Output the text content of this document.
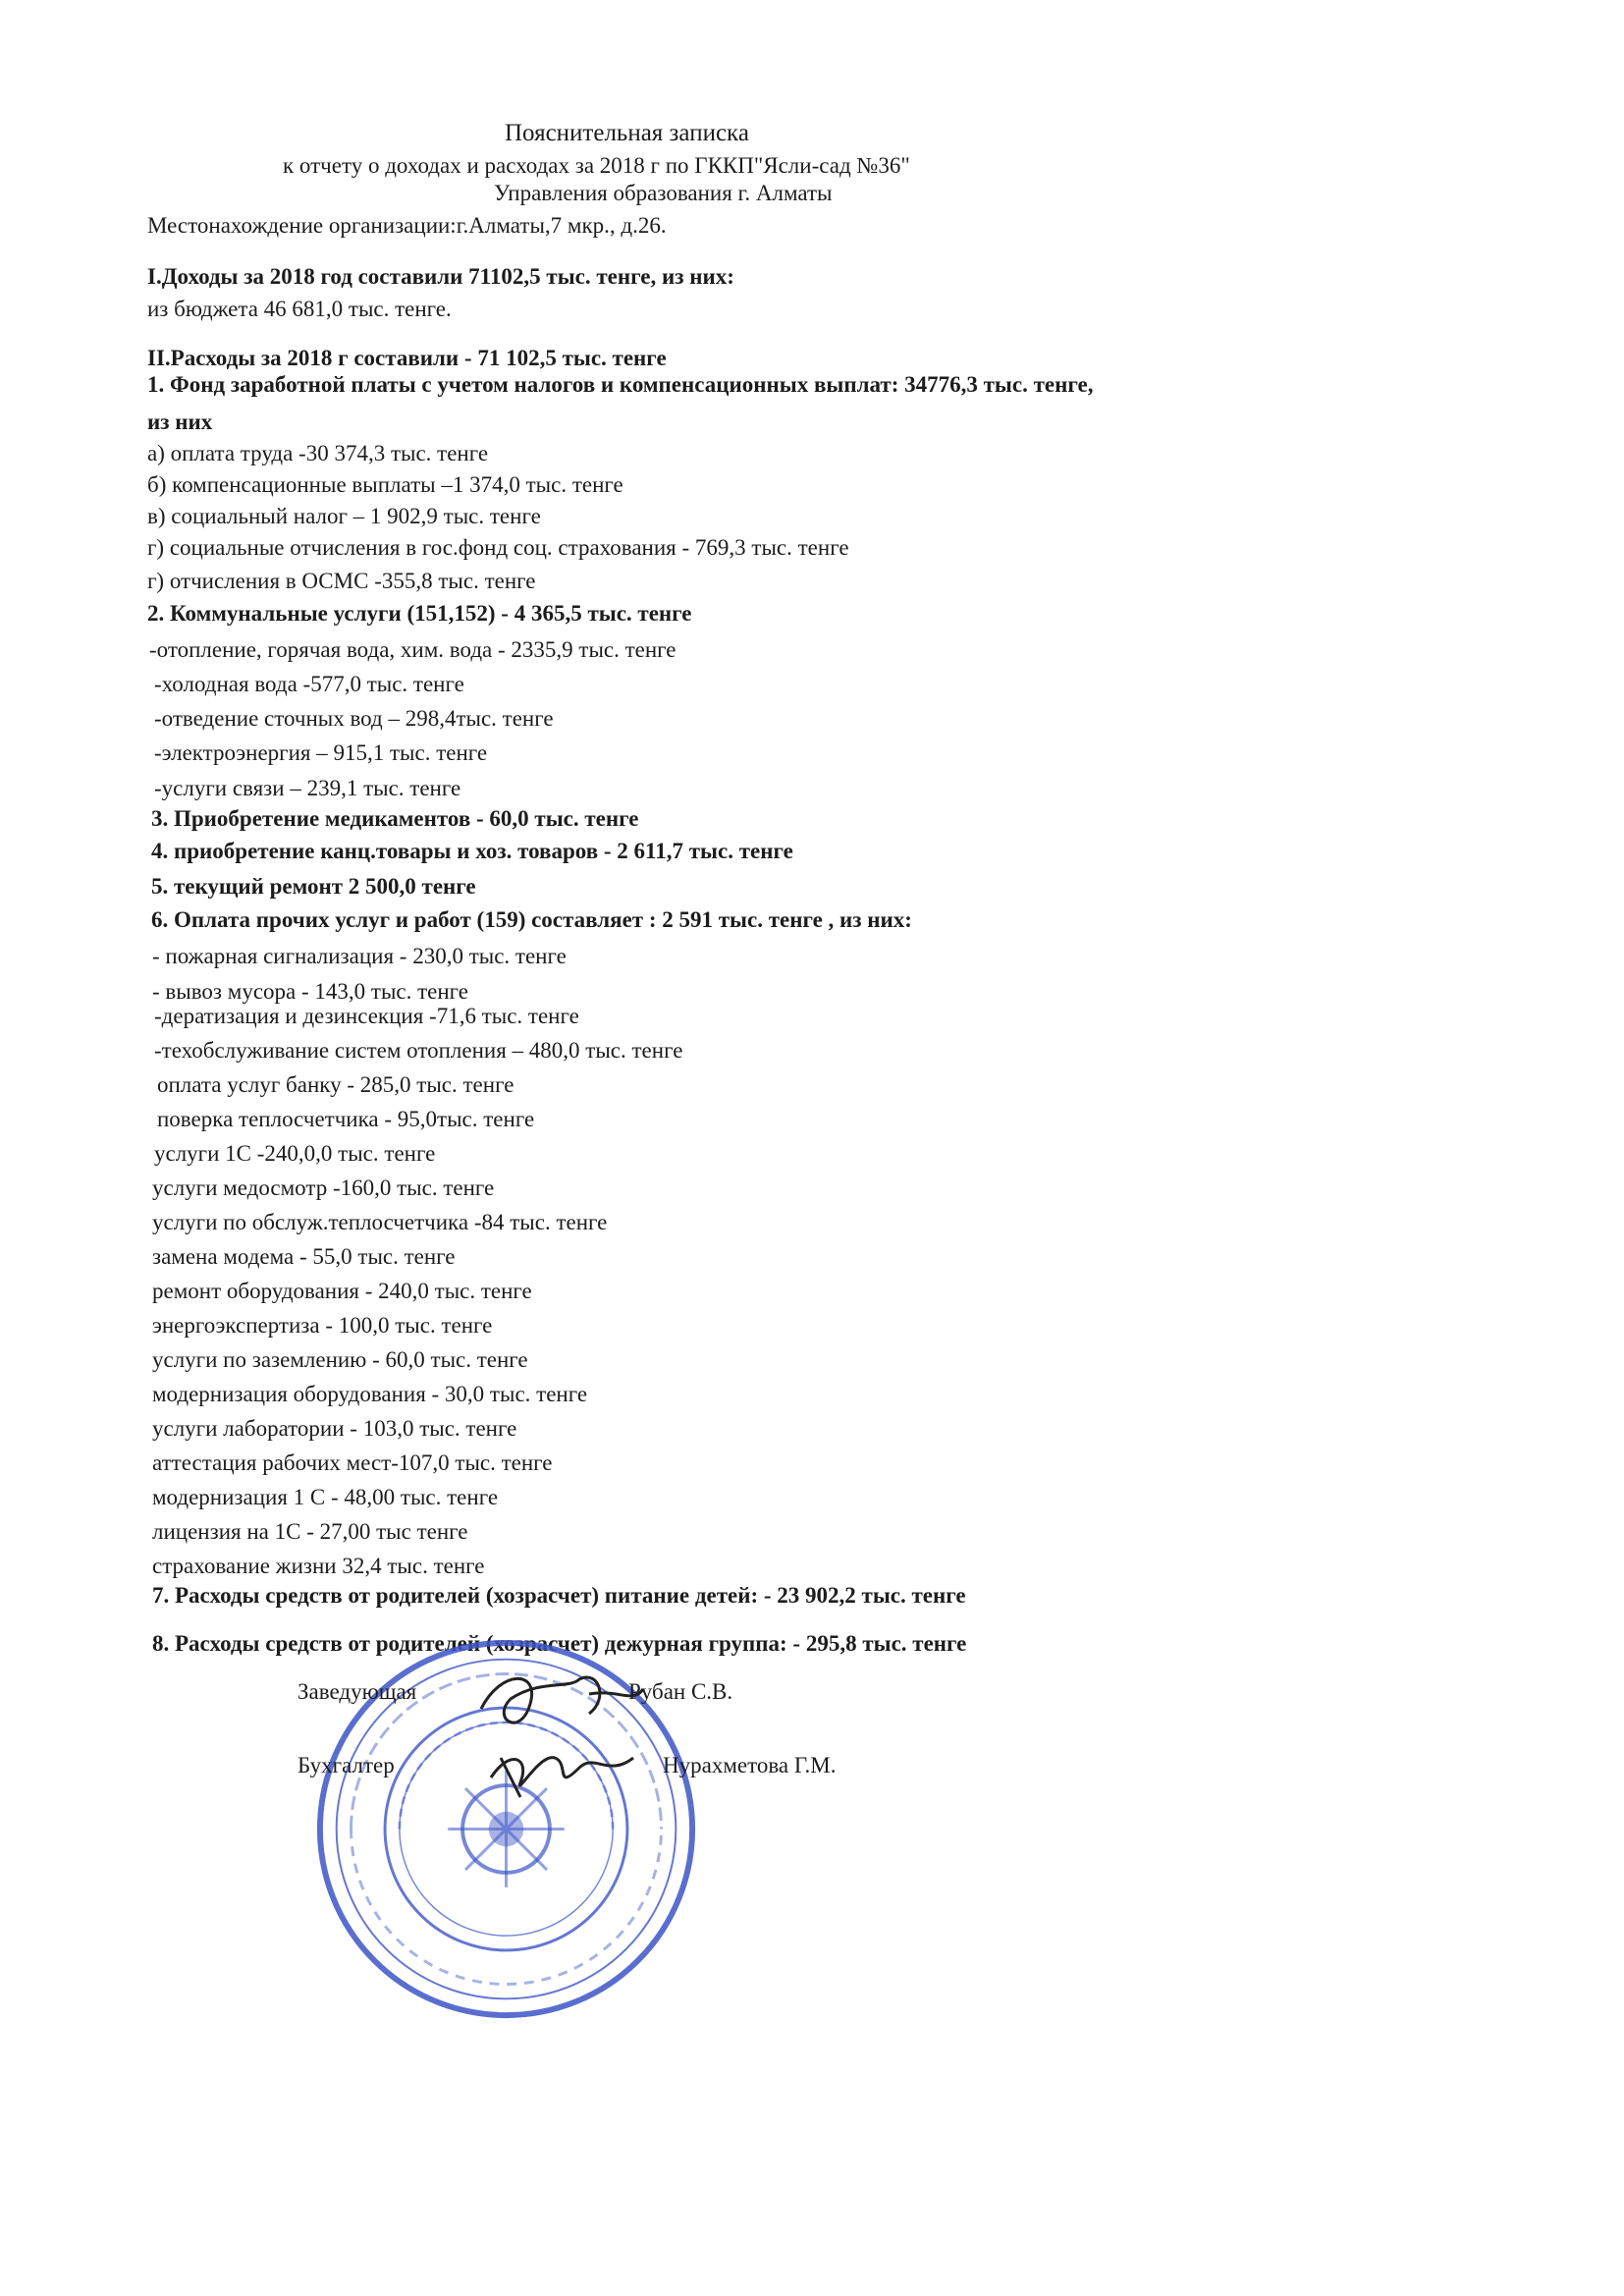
Пояснительная записка
к отчету о доходах и расходах за 2018 г по ГККП"Ясли-сад №36"
Управления образования г. Алматы
Местонахождение организации:г.Алматы,7 мкр., д.26.
I.Доходы за 2018 год составили 71102,5 тыс. тенге, из них:
из бюджета 46 681,0 тыс. тенге.
II.Расходы за 2018 г составили - 71 102,5 тыс. тенге
1. Фонд заработной платы с учетом налогов и компенсационных выплат: 34776,3 тыс. тенге,
из них
а) оплата труда -30 374,3 тыс. тенге
б) компенсационные выплаты –1 374,0 тыс. тенге
в) социальный налог – 1 902,9 тыс. тенге
г) социальные отчисления в гос.фонд соц. страхования - 769,3 тыс. тенге
г) отчисления в ОСМС -355,8 тыс. тенге
2. Коммунальные услуги (151,152) - 4 365,5 тыс. тенге
-отопление, горячая вода, хим. вода - 2335,9 тыс. тенге
-холодная вода -577,0 тыс. тенге
-отведение сточных вод – 298,4тыс. тенге
-электроэнергия – 915,1 тыс. тенге
-услуги связи – 239,1 тыс. тенге
3. Приобретение медикаментов - 60,0 тыс. тенге
4. приобретение канц.товары и хоз. товаров - 2 611,7 тыс. тенге
5. текущий ремонт 2 500,0 тенге
6. Оплата прочих услуг и работ (159) составляет : 2 591 тыс. тенге , из них:
- пожарная сигнализация - 230,0 тыс. тенге
- вывоз мусора - 143,0 тыс. тенге
-дератизация и дезинсекция -71,6 тыс. тенге
-техобслуживание систем отопления – 480,0 тыс. тенге
оплата услуг банку - 285,0 тыс. тенге
поверка теплосчетчика - 95,0тыс. тенге
услуги 1С -240,0,0 тыс. тенге
услуги медосмотр -160,0 тыс. тенге
услуги по обслуж.теплосчетчика -84 тыс. тенге
замена модема - 55,0 тыс. тенге
ремонт оборудования - 240,0 тыс. тенге
энергоэкспертиза - 100,0 тыс. тенге
услуги по заземлению - 60,0 тыс. тенге
модернизация оборудования - 30,0 тыс. тенге
услуги лаборатории - 103,0 тыс. тенге
аттестация рабочих мест-107,0 тыс. тенге
модернизация 1 С - 48,00 тыс. тенге
лицензия на 1С - 27,00 тыс тенге
страхование жизни 32,4 тыс. тенге
7. Расходы средств от родителей (хозрасчет) питание детей: - 23 902,2 тыс. тенге
8. Расходы средств от родителей (хозрасчет) дежурная группа: - 295,8 тыс. тенге
Заведующая	Рубан С.В.
Бухгалтер	Нурахметова Г.М.
